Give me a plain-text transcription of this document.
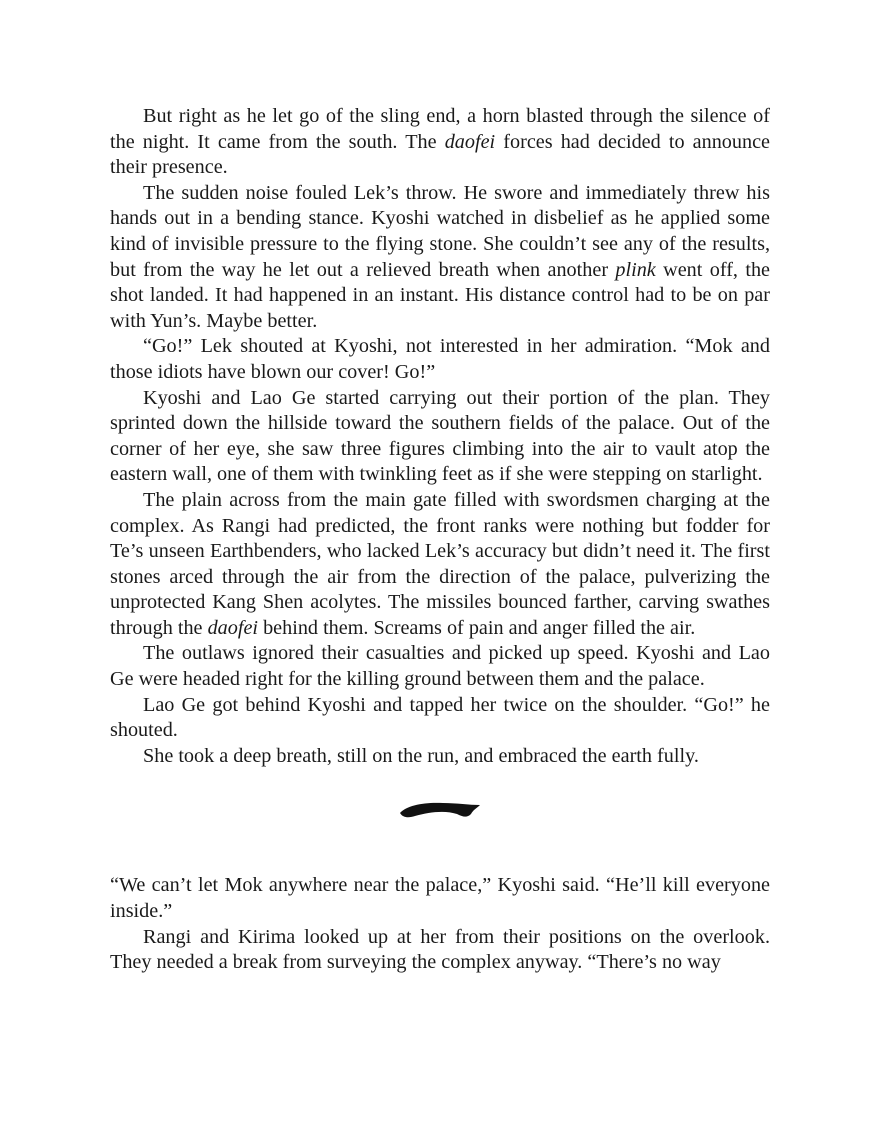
But right as he let go of the sling end, a horn blasted through the silence of the night. It came from the south. The daofei forces had decided to announce their presence.

The sudden noise fouled Lek’s throw. He swore and immediately threw his hands out in a bending stance. Kyoshi watched in disbelief as he applied some kind of invisible pressure to the flying stone. She couldn’t see any of the results, but from the way he let out a relieved breath when another plink went off, the shot landed. It had happened in an instant. His distance control had to be on par with Yun’s. Maybe better.

“Go!” Lek shouted at Kyoshi, not interested in her admiration. “Mok and those idiots have blown our cover! Go!”

Kyoshi and Lao Ge started carrying out their portion of the plan. They sprinted down the hillside toward the southern fields of the palace. Out of the corner of her eye, she saw three figures climbing into the air to vault atop the eastern wall, one of them with twinkling feet as if she were stepping on starlight.

The plain across from the main gate filled with swordsmen charging at the complex. As Rangi had predicted, the front ranks were nothing but fodder for Te’s unseen Earthbenders, who lacked Lek’s accuracy but didn’t need it. The first stones arced through the air from the direction of the palace, pulverizing the unprotected Kang Shen acolytes. The missiles bounced farther, carving swathes through the daofei behind them. Screams of pain and anger filled the air.

The outlaws ignored their casualties and picked up speed. Kyoshi and Lao Ge were headed right for the killing ground between them and the palace.

Lao Ge got behind Kyoshi and tapped her twice on the shoulder. “Go!” he shouted.

She took a deep breath, still on the run, and embraced the earth fully.

“We can’t let Mok anywhere near the palace,” Kyoshi said. “He’ll kill everyone inside.”

Rangi and Kirima looked up at her from their positions on the overlook. They needed a break from surveying the complex anyway. “There’s no way
